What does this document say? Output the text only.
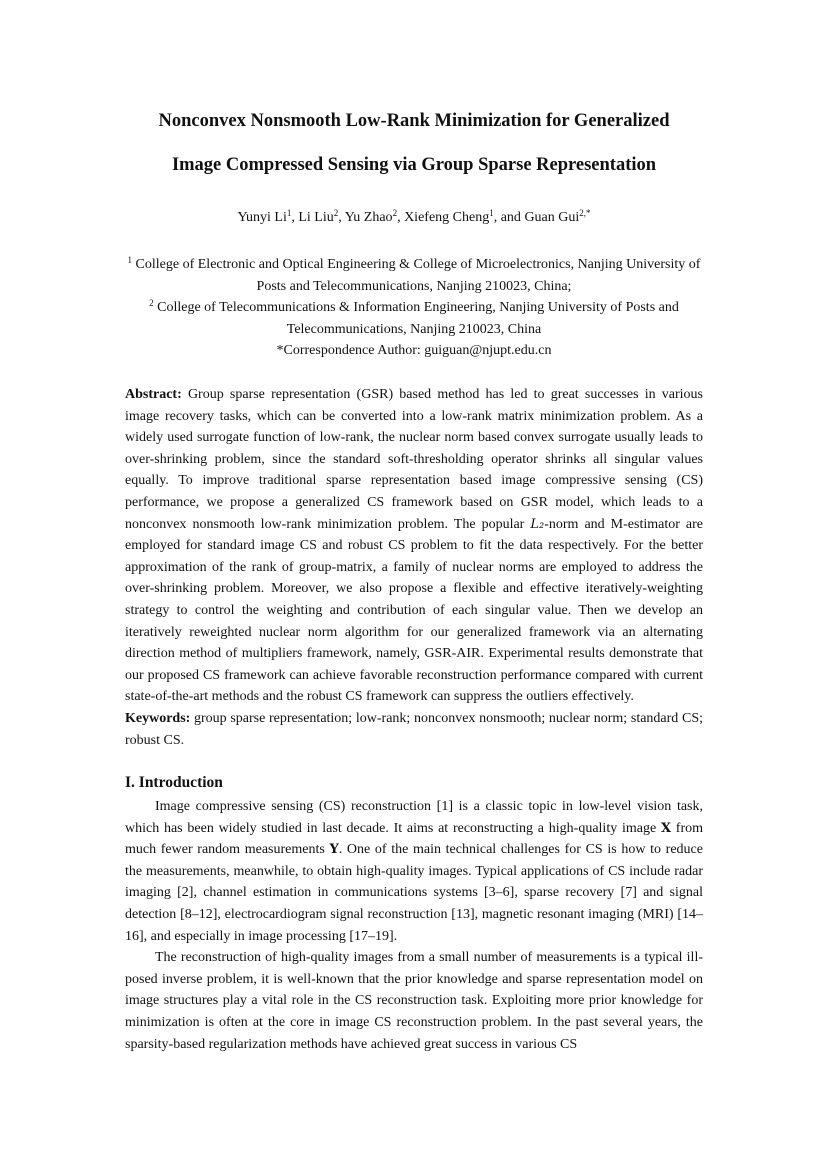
Nonconvex Nonsmooth Low-Rank Minimization for Generalized
Image Compressed Sensing via Group Sparse Representation
Yunyi Li$^1$, Li Liu$^2$, Yu Zhao$^2$, Xiefeng Cheng$^1$, and Guan Gui$^{2,*}$
$^1$ College of Electronic and Optical Engineering & College of Microelectronics, Nanjing University of Posts and Telecommunications, Nanjing 210023, China;
$^2$ College of Telecommunications & Information Engineering, Nanjing University of Posts and Telecommunications, Nanjing 210023, China
*Correspondence Author: guiguan@njupt.edu.cn

Abstract: Group sparse representation (GSR) based method has led to great successes in various image recovery tasks, which can be converted into a low-rank matrix minimization problem. As a widely used surrogate function of low-rank, the nuclear norm based convex surrogate usually leads to over-shrinking problem, since the standard soft-thresholding operator shrinks all singular values equally. To improve traditional sparse representation based image compressive sensing (CS) performance, we propose a generalized CS framework based on GSR model, which leads to a nonconvex nonsmooth low-rank minimization problem. The popular L₂-norm and M-estimator are employed for standard image CS and robust CS problem to fit the data respectively. For the better approximation of the rank of group-matrix, a family of nuclear norms are employed to address the over-shrinking problem. Moreover, we also propose a flexible and effective iteratively-weighting strategy to control the weighting and contribution of each singular value. Then we develop an iteratively reweighted nuclear norm algorithm for our generalized framework via an alternating direction method of multipliers framework, namely, GSR-AIR. Experimental results demonstrate that our proposed CS framework can achieve favorable reconstruction performance compared with current state-of-the-art methods and the robust CS framework can suppress the outliers effectively.

Keywords: group sparse representation; low-rank; nonconvex nonsmooth; nuclear norm; standard CS; robust CS.

I. Introduction

Image compressive sensing (CS) reconstruction [1] is a classic topic in low-level vision task, which has been widely studied in last decade. It aims at reconstructing a high-quality image X from much fewer random measurements Y. One of the main technical challenges for CS is how to reduce the measurements, meanwhile, to obtain high-quality images. Typical applications of CS include radar imaging [2], channel estimation in communications systems [3–6], sparse recovery [7] and signal detection [8–12], electrocardiogram signal reconstruction [13], magnetic resonant imaging (MRI) [14–16], and especially in image processing [17–19].

The reconstruction of high-quality images from a small number of measurements is a typical ill-posed inverse problem, it is well-known that the prior knowledge and sparse representation model on image structures play a vital role in the CS reconstruction task. Exploiting more prior knowledge for minimization is often at the core in image CS reconstruction problem. In the past several years, the sparsity-based regularization methods have achieved great success in various CS
